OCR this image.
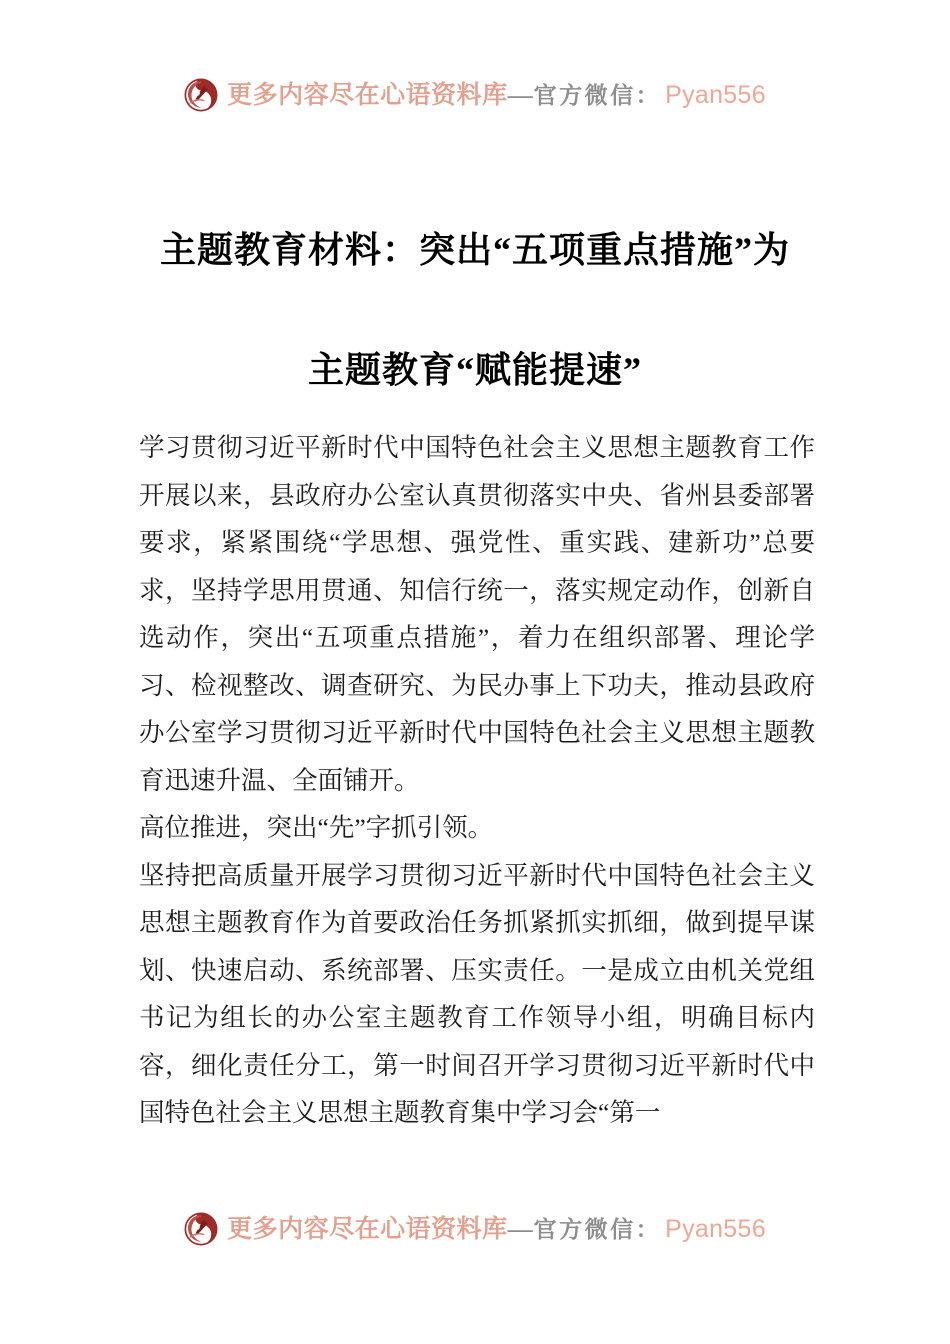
更多内容尽在心语资料库 — 官方微信： Pyan556
主题教育材料：突出“五项重点措施”为
主题教育“赋能提速”

学习贯彻习近平新时代中国特色社会主义思想主题教育工作开展以来，县政府办公室认真贯彻落实中央、省州县委部署要求，紧紧围绕“学思想、强党性、重实践、建新功”总要求，坚持学思用贯通、知信行统一，落实规定动作，创新自选动作，突出“五项重点措施”，着力在组织部署、理论学习、检视整改、调查研究、为民办事上下功夫，推动县政府办公室学习贯彻习近平新时代中国特色社会主义思想主题教育迅速升温、全面铺开。

高位推进，突出“先”字抓引领。

坚持把高质量开展学习贯彻习近平新时代中国特色社会主义思想主题教育作为首要政治任务抓紧抓实抓细，做到提早谋划、快速启动、系统部署、压实责任。一是成立由机关党组书记为组长的办公室主题教育工作领导小组，明确目标内容，细化责任分工，第一时间召开学习贯彻习近平新时代中国特色社会主义思想主题教育集中学习会“第一

更多内容尽在心语资料库 — 官方微信： Pyan556
